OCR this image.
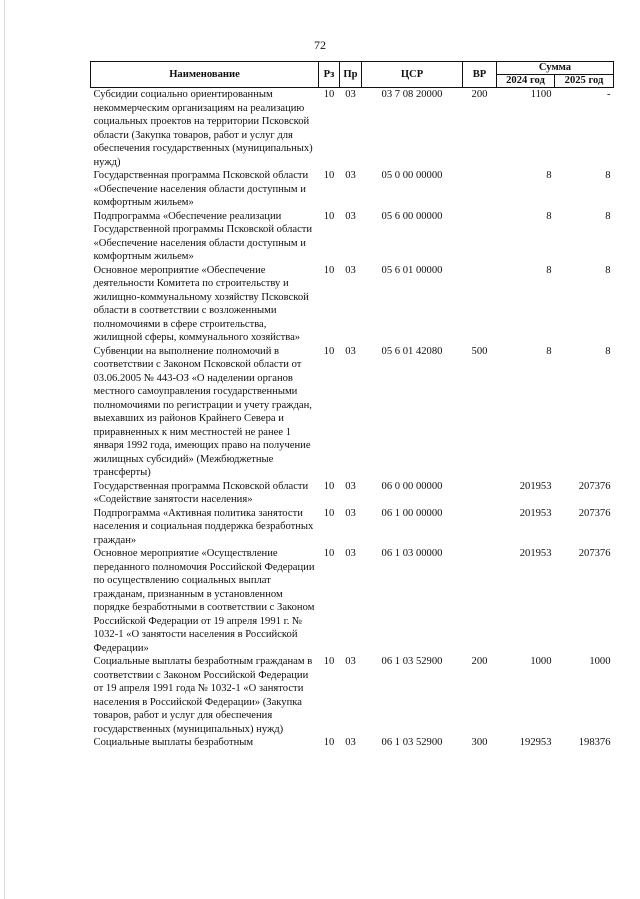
72
Наименование	Рз	Пр	ЦСР	ВР	Сумма	
					2024 год	2025 год
Субсидии социально ориентированным некоммерческим организациям на реализацию социальных проектов на территории Псковской области (Закупка товаров, работ и услуг для обеспечения государственных (муниципальных) нужд)	10	03	03 7 08 20000	200	1100	-
Государственная программа Псковской области «Обеспечение населения области доступным и комфортным жильем»	10	03	05 0 00 00000		8	8
Подпрограмма «Обеспечение реализации Государственной программы Псковской области «Обеспечение населения области доступным и комфортным жильем»	10	03	05 6 00 00000		8	8
Основное мероприятие «Обеспечение деятельности Комитета по строительству и жилищно-коммунальному хозяйству Псковской области в соответствии с возложенными полномочиями в сфере строительства, жилищной сферы, коммунального хозяйства»	10	03	05 6 01 00000		8	8
Субвенции на выполнение полномочий в соответствии с Законом Псковской области от 03.06.2005 № 443-ОЗ «О наделении органов местного самоуправления государственными полномочиями по регистрации и учету граждан, выехавших из районов Крайнего Севера и приравненных к ним местностей не ранее 1 января 1992 года, имеющих право на получение жилищных субсидий» (Межбюджетные трансферты)	10	03	05 6 01 42080	500	8	8
Государственная программа Псковской области «Содействие занятости населения»	10	03	06 0 00 00000		201953	207376
Подпрограмма «Активная политика занятости населения и социальная поддержка безработных граждан»	10	03	06 1 00 00000		201953	207376
Основное мероприятие «Осуществление переданного полномочия Российской Федерации по осуществлению социальных выплат гражданам, признанным в установленном порядке безработными в соответствии с Законом Российской Федерации от 19 апреля 1991 г. № 1032-1 «О занятости населения в Российской Федерации»	10	03	06 1 03 00000		201953	207376
Социальные выплаты безработным гражданам в соответствии с Законом Российской Федерации от 19 апреля 1991 года № 1032-1 «О занятости населения в Российской Федерации» (Закупка товаров, работ и услуг для обеспечения государственных (муниципальных) нужд)	10	03	06 1 03 52900	200	1000	1000
Социальные выплаты безработным	10	03	06 1 03 52900	300	192953	198376
